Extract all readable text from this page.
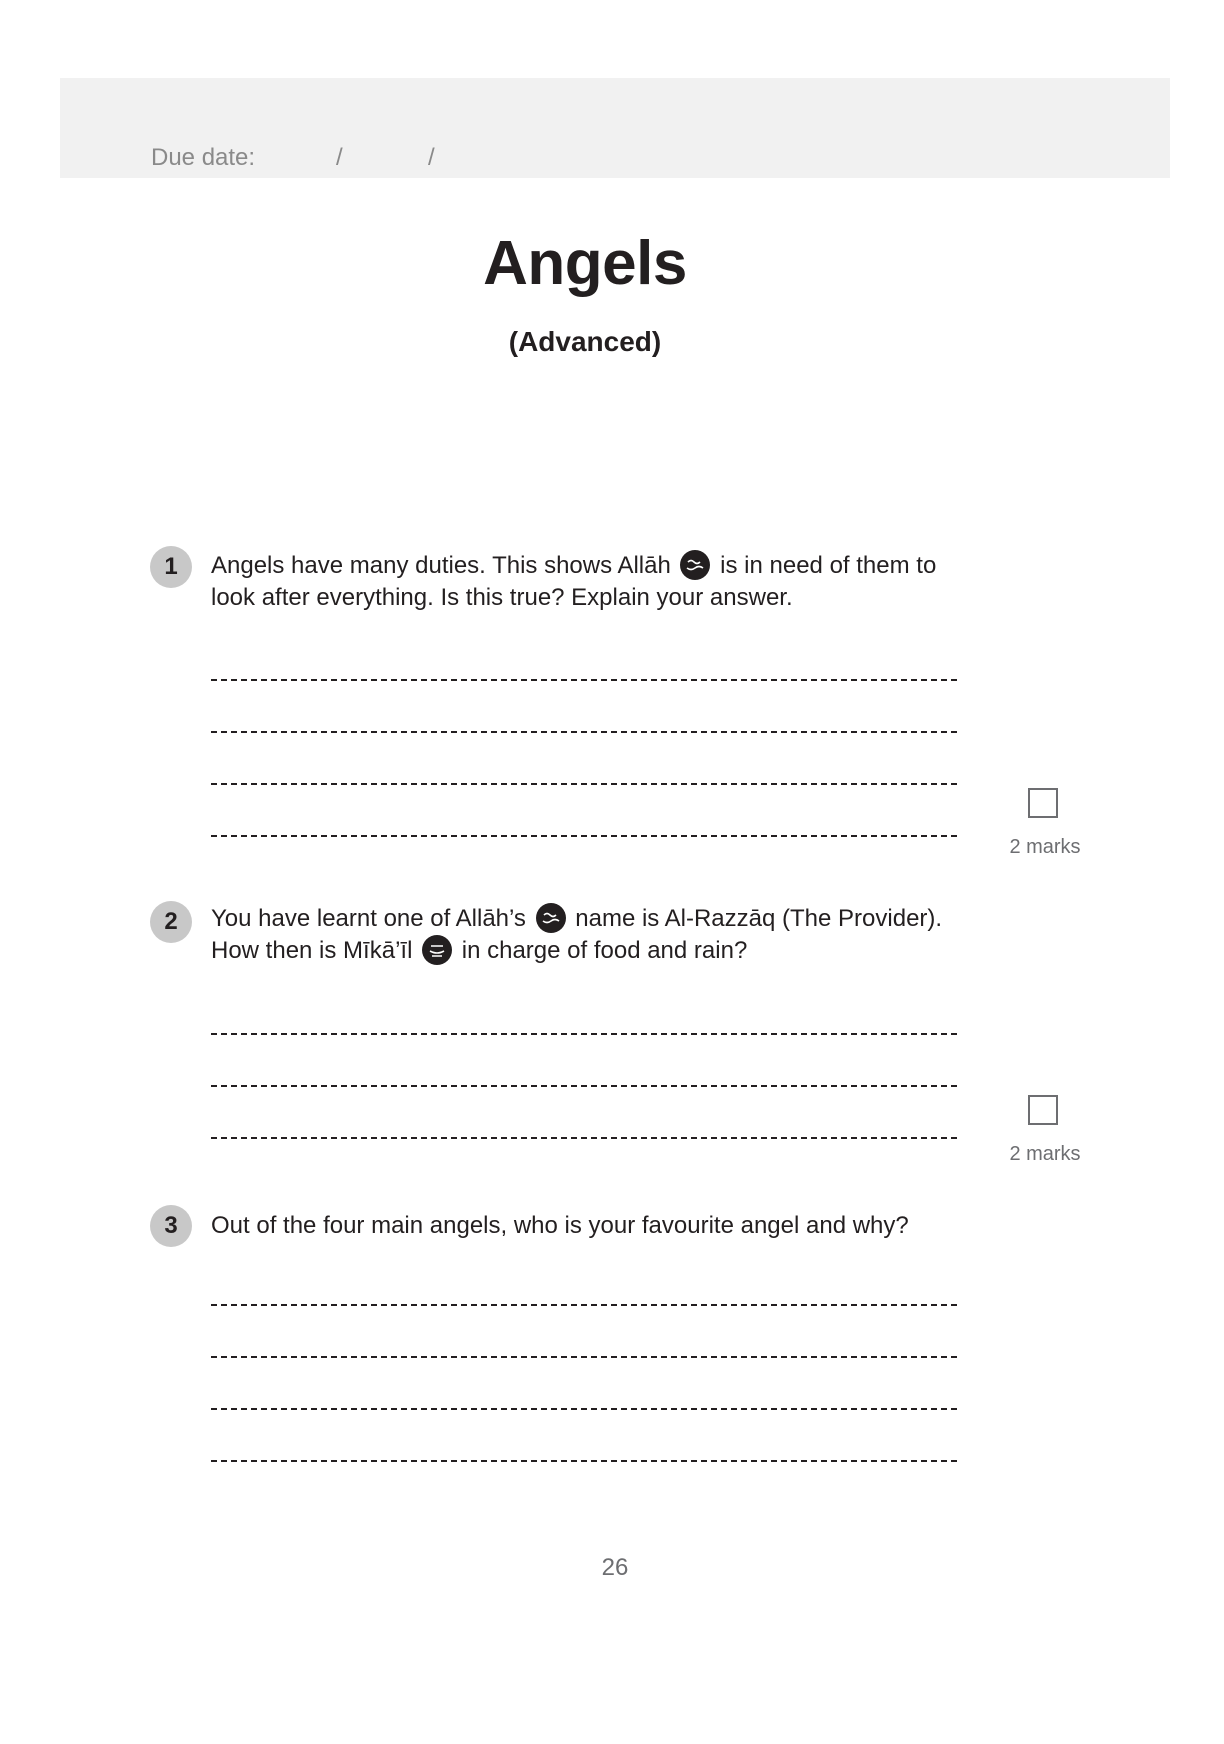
Due date:	/	/
Angels
(Advanced)
1	Angels have many duties. This shows Allāh is in need of them to
look after everything. Is this true? Explain your answer.
2 marks
2	You have learnt one of Allāh’s name is Al-Razzāq (The Provider).
How then is Mīkā’īl in charge of food and rain?
2 marks
3	Out of the four main angels, who is your favourite angel and why?
26
